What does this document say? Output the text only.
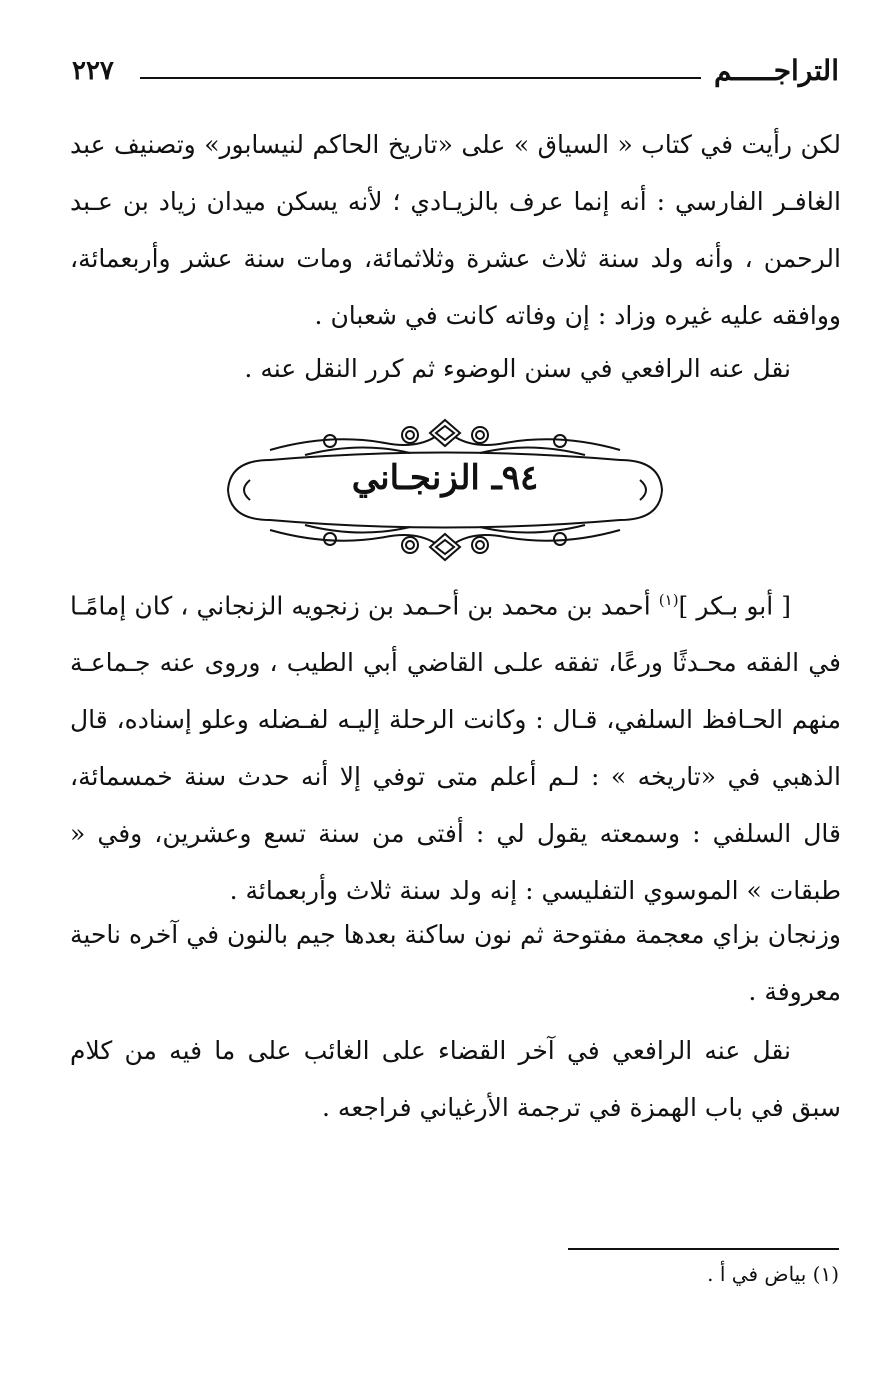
التراجـــــم
٢٢٧

لكن رأيت في كتاب « السياق » على «تاريخ الحاكم لنيسابور» وتصنيف عبد الغافـر الفارسي : أنه إنما عرف بالزيـادي ؛ لأنه يسكن ميدان زياد بن عـبد الرحمن ، وأنه ولد سنة ثلاث عشرة وثلاثمائة، ومات سنة عشر وأربعمائة، ووافقه عليه غيره وزاد : إن وفاته كانت في شعبان .

نقل عنه الرافعي في سنن الوضوء ثم كرر النقل عنه .

٩٤ـ الزنجـاني

[ أبو بـكر ]$^{(١)}$ أحمد بن محمد بن أحـمد بن زنجويه الزنجاني ، كان إمامًـا في الفقه محـدثًا ورعًا، تفقه علـى القاضي أبي الطيب ، وروى عنه جـماعـة منهم الحـافظ السلفي، قـال : وكانت الرحلة إليـه لفـضله وعلو إسناده، قال الذهبي في «تاريخه » : لـم أعلم متى توفي إلا أنه حدث سنة خمسمائة، قال السلفي : وسمعته يقول لي : أفتى من سنة تسع وعشرين، وفي « طبقات » الموسوي التفليسي : إنه ولد سنة ثلاث وأربعمائة .

وزنجان بزاي معجمة مفتوحة ثم نون ساكنة بعدها جيم بالنون في آخره ناحية معروفة .

نقل عنه الرافعي في آخر القضاء على الغائب على ما فيه من كلام سبق في باب الهمزة في ترجمة الأرغياني فراجعه .

(١) بياض في أ .
